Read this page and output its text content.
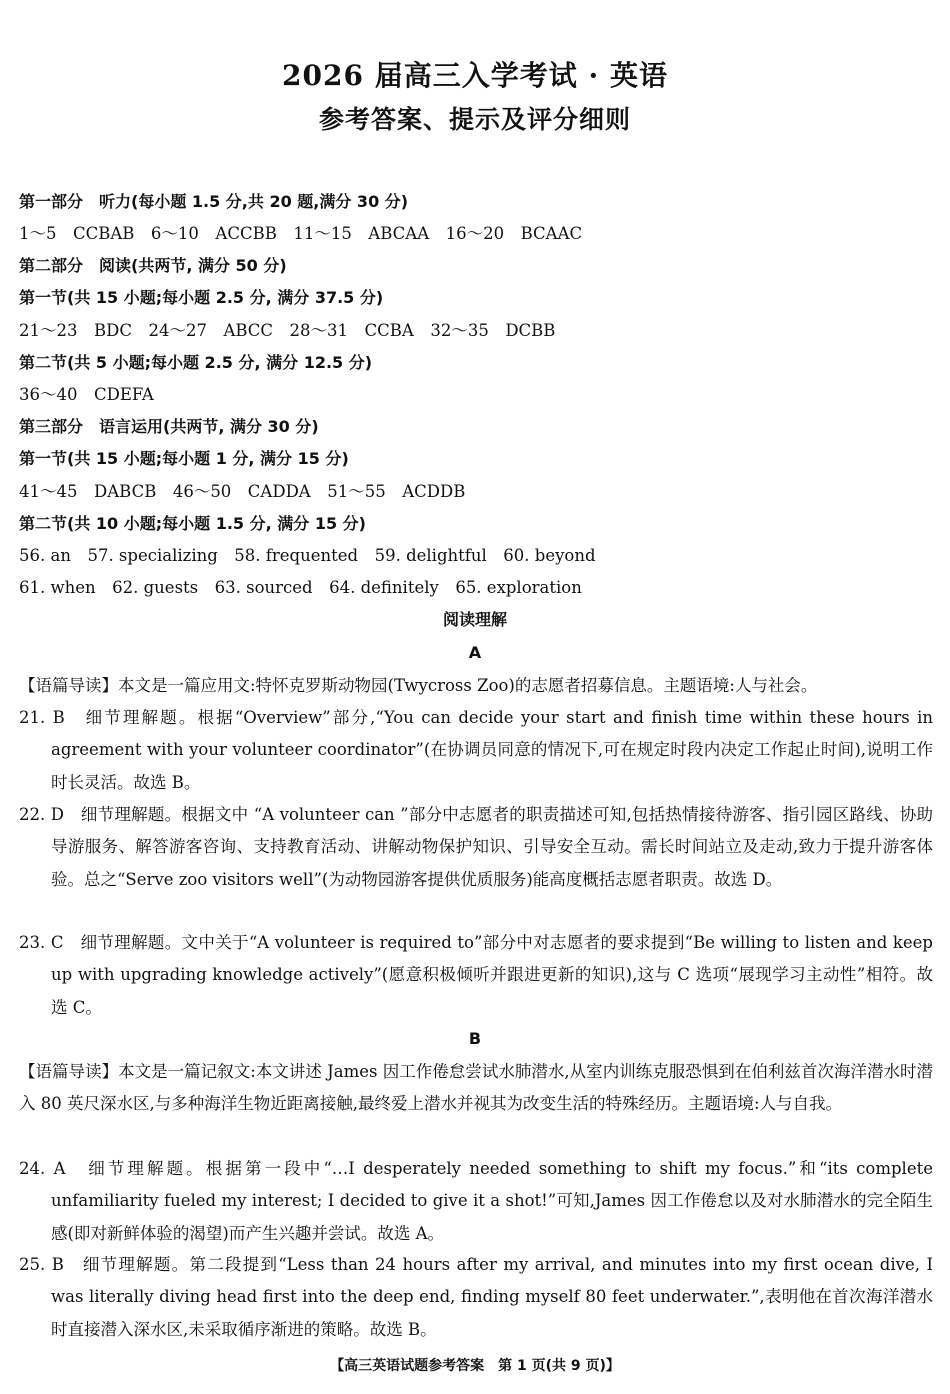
2026 届高三入学考试 · 英语
参考答案、提示及评分细则
第一部分　听力(每小题 1.5 分,共 20 题,满分 30 分)
1～5　CCBAB　6～10　ACCBB　11～15　ABCAA　16～20　BCAAC
第二部分　阅读(共两节, 满分 50 分)
第一节(共 15 小题;每小题 2.5 分, 满分 37.5 分)
21～23　BDC　24～27　ABCC　28～31　CCBA　32～35　DCBB
第二节(共 5 小题;每小题 2.5 分, 满分 12.5 分)
36～40　CDEFA
第三部分　语言运用(共两节, 满分 30 分)
第一节(共 15 小题;每小题 1 分, 满分 15 分)
41～45　DABCB　46～50　CADDA　51～55　ACDDB
第二节(共 10 小题;每小题 1.5 分, 满分 15 分)
56. an　57. specializing　58. frequented　59. delightful　60. beyond
61. when　62. guests　63. sourced　64. definitely　65. exploration
阅读理解
A
【语篇导读】本文是一篇应用文:特怀克罗斯动物园(Twycross Zoo)的志愿者招募信息。主题语境:人与社会。
21. B　细节理解题。根据“Overview”部分,“You can decide your start and finish time within these hours in agreement with your volunteer coordinator”(在协调员同意的情况下,可在规定时段内决定工作起止时间),说明工作时长灵活。故选 B。
22. D　细节理解题。根据文中 “A volunteer can ”部分中志愿者的职责描述可知,包括热情接待游客、指引园区路线、协助导游服务、解答游客咨询、支持教育活动、讲解动物保护知识、引导安全互动。需长时间站立及走动,致力于提升游客体验。总之“Serve zoo visitors well”(为动物园游客提供优质服务)能高度概括志愿者职责。故选 D。
23. C　细节理解题。文中关于“A volunteer is required to”部分中对志愿者的要求提到“Be willing to listen and keep up with upgrading knowledge actively”(愿意积极倾听并跟进更新的知识),这与 C 选项“展现学习主动性”相符。故选 C。
B
【语篇导读】本文是一篇记叙文:本文讲述 James 因工作倦怠尝试水肺潜水,从室内训练克服恐惧到在伯利兹首次海洋潜水时潜入 80 英尺深水区,与多种海洋生物近距离接触,最终爱上潜水并视其为改变生活的特殊经历。主题语境:人与自我。
24. A　细节理解题。根据第一段中“…I desperately needed something to shift my focus.”和“its complete unfamiliarity fueled my interest; I decided to give it a shot!”可知,James 因工作倦怠以及对水肺潜水的完全陌生感(即对新鲜体验的渴望)而产生兴趣并尝试。故选 A。
25. B　细节理解题。第二段提到“Less than 24 hours after my arrival, and minutes into my first ocean dive, I was literally diving head first into the deep end, finding myself 80 feet underwater.”,表明他在首次海洋潜水时直接潜入深水区,未采取循序渐进的策略。故选 B。
【高三英语试题参考答案　第 1 页(共 9 页)】
